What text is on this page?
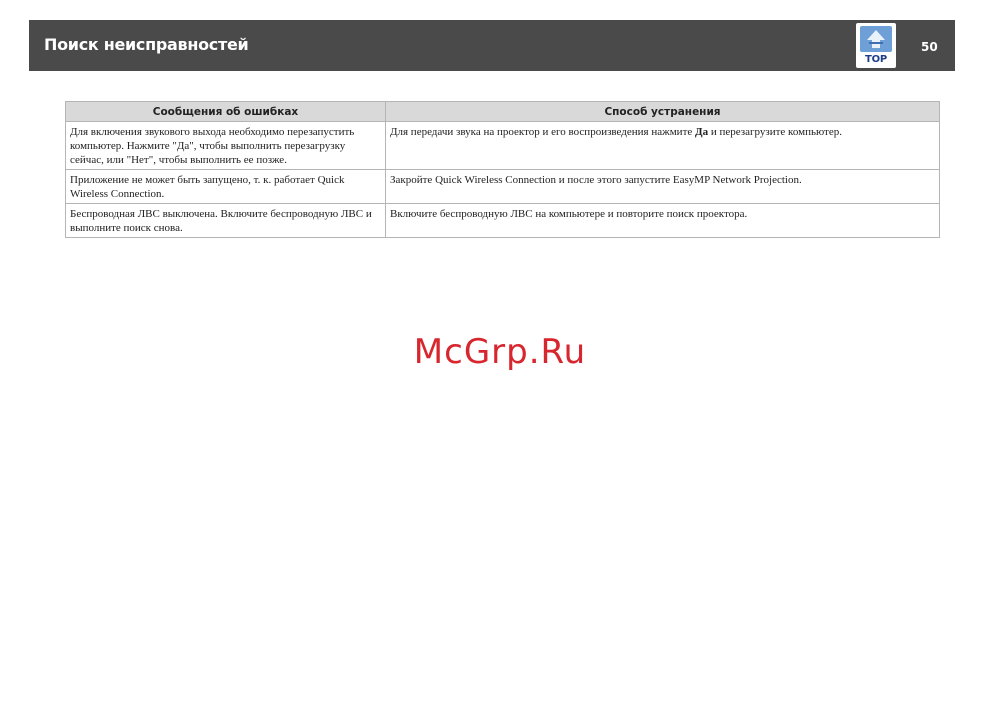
Поиск неисправностей
TOP
50
Сообщения об ошибках	Способ устранения
Для включения звукового выхода необходимо перезапустить компьютер. Нажмите "Да", чтобы выполнить перезагрузку сейчас, или "Нет", чтобы выполнить ее позже.	Для передачи звука на проектор и его воспроизведения нажмите Да и перезагрузите компьютер.
Приложение не может быть запущено, т. к. работает Quick Wireless Connection.	Закройте Quick Wireless Connection и после этого запустите EasyMP Network Projection.
Беспроводная ЛВС выключена. Включите беспроводную ЛВС и выполните поиск снова.	Включите беспроводную ЛВС на компьютере и повторите поиск проектора.
McGrp.Ru
